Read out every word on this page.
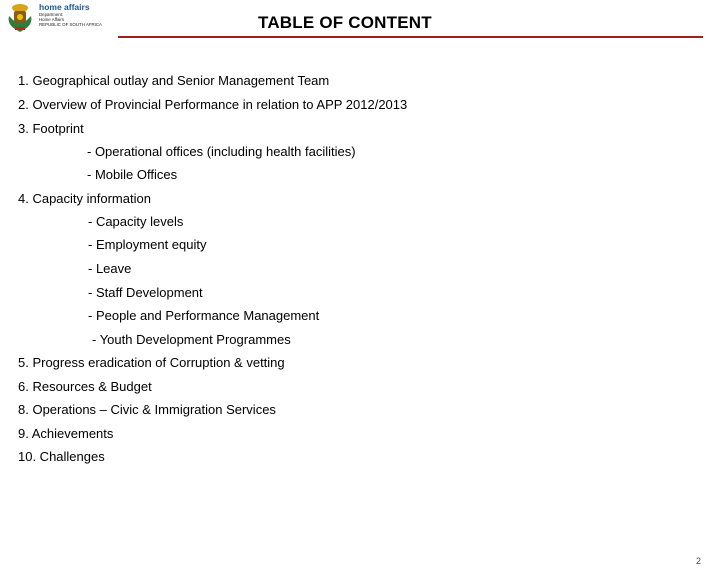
home affairs
Department:
Home Affairs
REPUBLIC OF SOUTH AFRICA	TABLE OF CONTENT
1. Geographical outlay and Senior Management Team
2. Overview of Provincial Performance in relation to APP 2012/2013
3. Footprint
- Operational offices (including health facilities)
- Mobile Offices
4. Capacity information
- Capacity levels
- Employment equity
- Leave
- Staff Development
- People and Performance Management
- Youth Development Programmes
5. Progress eradication of Corruption & vetting
6. Resources & Budget
8. Operations – Civic & Immigration Services
9. Achievements
10. Challenges
2
